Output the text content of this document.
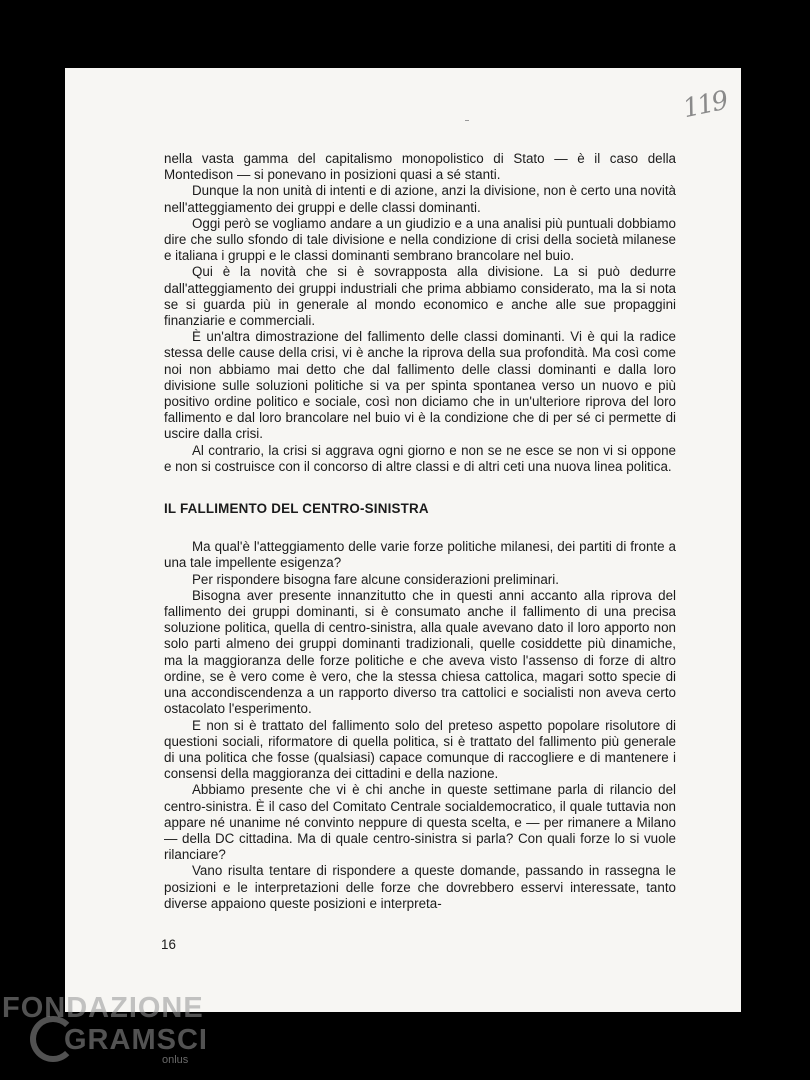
119

nella vasta gamma del capitalismo monopolistico di Stato — è il caso della Montedison — si ponevano in posizioni quasi a sé stanti.

Dunque la non unità di intenti e di azione, anzi la divisione, non è certo una novità nell'atteggiamento dei gruppi e delle classi dominanti.

Oggi però se vogliamo andare a un giudizio e a una analisi più puntuali dobbiamo dire che sullo sfondo di tale divisione e nella condizione di crisi della società milanese e italiana i gruppi e le classi dominanti sembrano brancolare nel buio.

Qui è la novità che si è sovrapposta alla divisione. La si può dedurre dall'atteggiamento dei gruppi industriali che prima abbiamo considerato, ma la si nota se si guarda più in generale al mondo economico e anche alle sue propaggini finanziarie e commerciali.

È un'altra dimostrazione del fallimento delle classi dominanti. Vi è qui la radice stessa delle cause della crisi, vi è anche la riprova della sua profondità. Ma così come noi non abbiamo mai detto che dal fallimento delle classi dominanti e dalla loro divisione sulle soluzioni politiche si va per spinta spontanea verso un nuovo e più positivo ordine politico e sociale, così non diciamo che in un'ulteriore riprova del loro fallimento e dal loro brancolare nel buio vi è la condizione che di per sé ci permette di uscire dalla crisi.

Al contrario, la crisi si aggrava ogni giorno e non se ne esce se non vi si oppone e non si costruisce con il concorso di altre classi e di altri ceti una nuova linea politica.

IL FALLIMENTO DEL CENTRO-SINISTRA

Ma qual'è l'atteggiamento delle varie forze politiche milanesi, dei partiti di fronte a una tale impellente esigenza?

Per rispondere bisogna fare alcune considerazioni preliminari.

Bisogna aver presente innanzitutto che in questi anni accanto alla riprova del fallimento dei gruppi dominanti, si è consumato anche il fallimento di una precisa soluzione politica, quella di centro-sinistra, alla quale avevano dato il loro apporto non solo parti almeno dei gruppi dominanti tradizionali, quelle cosiddette più dinamiche, ma la maggioranza delle forze politiche e che aveva visto l'assenso di forze di altro ordine, se è vero come è vero, che la stessa chiesa cattolica, magari sotto specie di una accondiscendenza a un rapporto diverso tra cattolici e socialisti non aveva certo ostacolato l'esperimento.

E non si è trattato del fallimento solo del preteso aspetto popolare risolutore di questioni sociali, riformatore di quella politica, si è trattato del fallimento più generale di una politica che fosse (qualsiasi) capace comunque di raccogliere e di mantenere i consensi della maggioranza dei cittadini e della nazione.

Abbiamo presente che vi è chi anche in queste settimane parla di rilancio del centro-sinistra. È il caso del Comitato Centrale socialdemocratico, il quale tuttavia non appare né unanime né convinto neppure di questa scelta, e — per rimanere a Milano — della DC cittadina. Ma di quale centro-sinistra si parla? Con quali forze lo si vuole rilanciare?

Vano risulta tentare di rispondere a queste domande, passando in rassegna le posizioni e le interpretazioni delle forze che dovrebbero esservi interessate, tanto diverse appaiono queste posizioni e interpreta-

16
FONDAZIONE
GRAMSCI
onlus
